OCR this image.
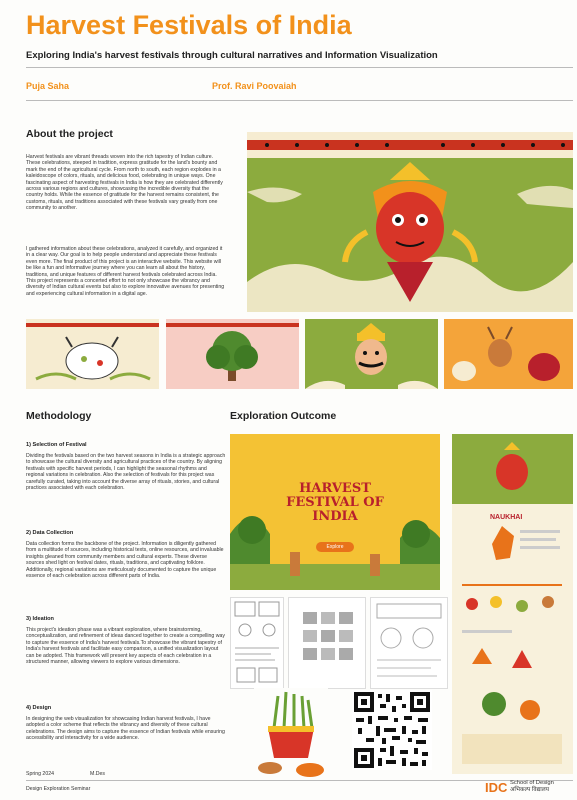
Harvest Festivals of India
Exploring India's harvest festivals through cultural narratives and Information Visualization
Puja Saha	Prof. Ravi Poovaiah
About the project
Harvest festivals are vibrant threads woven into the rich tapestry of Indian culture. These celebrations, steeped in tradition, express gratitude for the land's bounty and mark the end of the agricultural cycle. From north to south, each region explodes in a kaleidoscope of colors, rituals, and delicious food, celebrating in unique ways. One fascinating aspect of harvesting festivals in India is how they are celebrated differently across various regions and cultures, showcasing the incredible diversity that the country holds. While the essence of gratitude for the harvest remains consistent, the customs, rituals, and traditions associated with these festivals vary greatly from one community to another.
I gathered information about these celebrations, analyzed it carefully, and organized it in a clear way. Our goal is to help people understand and appreciate these festivals even more. The final product of this project is an interactive website. This website will be like a fun and informative journey where you can learn all about the history, traditions, and unique features of different harvest festivals celebrated across India. This project represents a concerted effort to not only showcase the vibrancy and diversity of Indian cultural events but also to explore innovative avenues for presenting and experiencing cultural information in a digital age.
Methodology
1) Selection of Festival
Dividing the festivals based on the two harvest seasons in India is a strategic approach to showcase the cultural diversity and agricultural practices of the country. By aligning festivals with specific harvest periods, I can highlight the seasonal rhythms and regional variations in celebration. Also the selection of festivals for this project was carefully curated, taking into account the diverse array of rituals, stories, and cultural practices associated with each celebration.
2) Data Collection
Data collection forms the backbone of the project. Information is diligently gathered from a multitude of sources, including historical texts, online resources, and invaluable insights gleaned from community members and cultural experts. These diverse sources shed light on festival dates, rituals, traditions, and captivating folklore. Additionally, regional variations are meticulously documented to capture the unique essence of each celebration across different parts of India.
3) Ideation
This project's ideation phase was a vibrant exploration, where brainstorming, conceptualization, and refinement of ideas danced together to create a compelling way to capture the essence of India's harvest festivals.To showcase the vibrant tapestry of India's harvest festivals and facilitate easy comparison, a unified visualization layout can be adopted. This framework will present key aspects of each celebration in a structured manner, allowing viewers to explore various dimensions.
4) Design
In designing the web visualization for showcasing Indian harvest festivals, I have adopted a color scheme that reflects the vibrancy and diversity of these cultural celebrations. The design aims to capture the essence of Indian festivals while ensuring accessibility and interactivity for a wide audience.
Exploration Outcome
HARVEST
FESTIVAL OF
INDIA
Explore
NAUKHAI
Spring 2024	M.Des
Design Exploration Seminar	IDC School of Design
अभिकल्प विद्यालय
